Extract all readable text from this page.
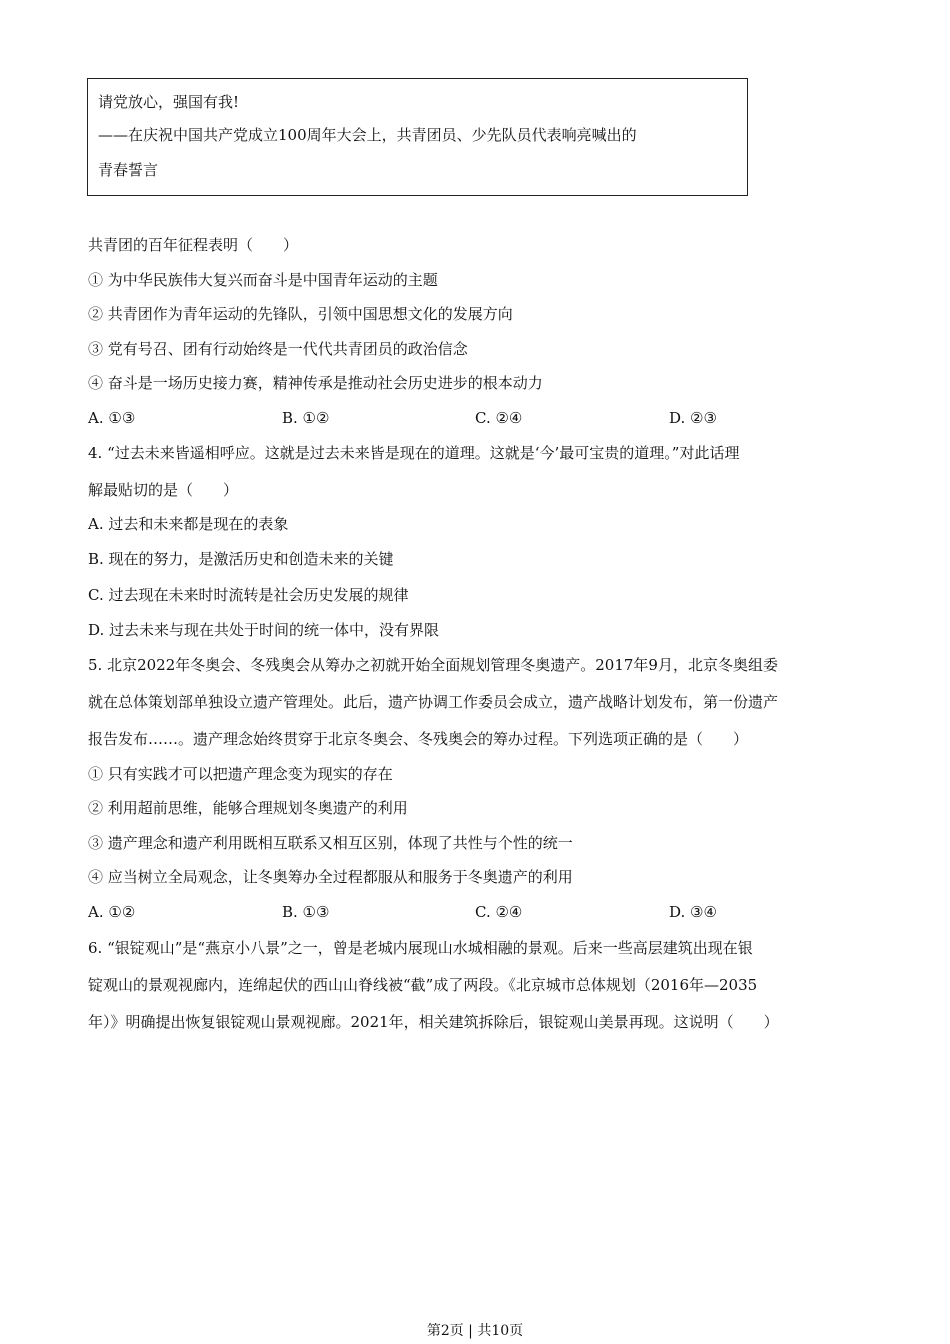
请党放心，强国有我!
——在庆祝中国共产党成立100周年大会上，共青团员、少先队员代表响亮喊出的
青春誓言
共青团的百年征程表明（　　）
① 为中华民族伟大复兴而奋斗是中国青年运动的主题
② 共青团作为青年运动的先锋队，引领中国思想文化的发展方向
③ 党有号召、团有行动始终是一代代共青团员的政治信念
④ 奋斗是一场历史接力赛，精神传承是推动社会历史进步的根本动力
A. ①③	B. ①②	C. ②④	D. ②③
4. “过去未来皆遥相呼应。这就是过去未来皆是现在的道理。这就是‘今’最可宝贵的道理。”对此话理
解最贴切的是（　　）
A. 过去和未来都是现在的表象
B. 现在的努力，是激活历史和创造未来的关键
C. 过去现在未来时时流转是社会历史发展的规律
D. 过去未来与现在共处于时间的统一体中，没有界限
5. 北京2022年冬奥会、冬残奥会从筹办之初就开始全面规划管理冬奥遗产。2017年9月，北京冬奥组委
就在总体策划部单独设立遗产管理处。此后，遗产协调工作委员会成立，遗产战略计划发布，第一份遗产
报告发布……。遗产理念始终贯穿于北京冬奥会、冬残奥会的筹办过程。下列选项正确的是（　　）
① 只有实践才可以把遗产理念变为现实的存在
② 利用超前思维，能够合理规划冬奥遗产的利用
③ 遗产理念和遗产利用既相互联系又相互区别，体现了共性与个性的统一
④ 应当树立全局观念，让冬奥筹办全过程都服从和服务于冬奥遗产的利用
A. ①②	B. ①③	C. ②④	D. ③④
6. “银锭观山”是“燕京小八景”之一，曾是老城内展现山水城相融的景观。后来一些高层建筑出现在银
锭观山的景观视廊内，连绵起伏的西山山脊线被“截”成了两段。《北京城市总体规划（2016年—2035
年）》明确提出恢复银锭观山景观视廊。2021年，相关建筑拆除后，银锭观山美景再现。这说明（　　）
第2页 | 共10页
